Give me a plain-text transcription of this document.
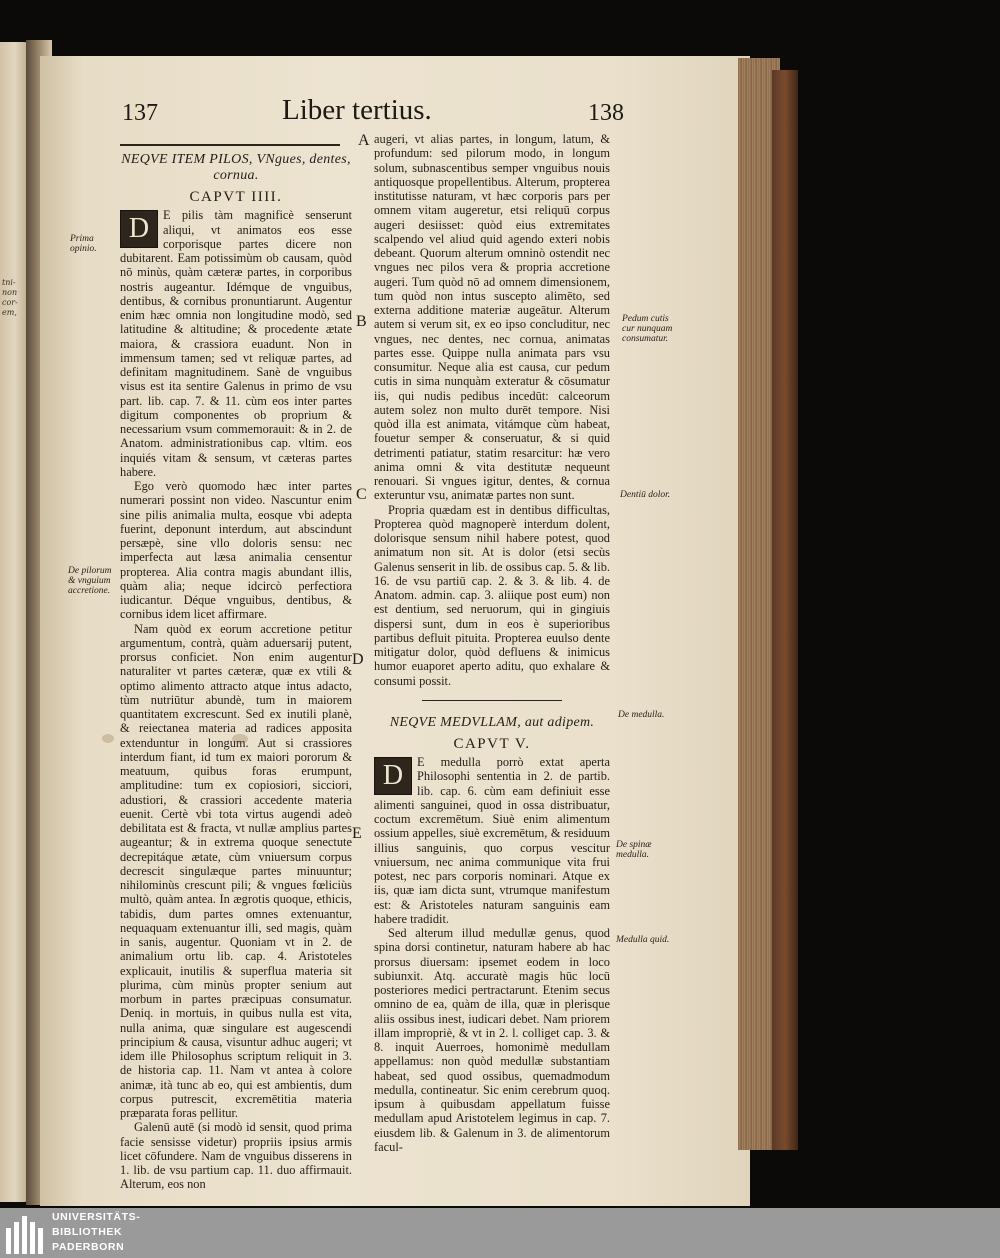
tni-
non
cor-
em,
137	Liber tertius.	138
NEQVE ITEM PILOS, VNgues, dentes, cornua.
CAPVT IIII.
D	E pilis tàm magnificè senserunt aliqui, vt animatos eos esse corporisque partes dicere non dubitarent. Eam potissimùm ob causam, quòd nō minùs, quàm cæteræ partes, in corporibus nostris augeantur. Idémque de vnguibus, dentibus, & cornibus pronuntiarunt. Augentur enim hæc omnia non longitudine modò, sed latitudine & altitudine; & procedente ætate maiora, & crassiora euadunt. Non in immensum tamen; sed vt reliquæ partes, ad definitam magnitudinem. Sanè de vnguibus visus est ita sentire Galenus in primo de vsu part. lib. cap. 7. & 11. cùm eos inter partes digitum componentes ob proprium & necessarium vsum commemorauit: & in 2. de Anatom. administrationibus cap. vltim. eos inquiés vitam & sensum, vt cæteras partes habere.

Ego verò quomodo hæc inter partes numerari possint non video. Nascuntur enim sine pilis animalia multa, eosque vbi adepta fuerint, deponunt interdum, aut abscindunt persæpè, sine vllo doloris sensu: nec imperfecta aut læsa animalia censentur propterea. Alia contra magis abundant illis, quàm alia; neque idcircò perfectiora iudicantur. Déque vnguibus, dentibus, & cornibus idem licet affirmare.

Nam quòd ex eorum accretione petitur argumentum, contrà, quàm aduersarij putent, prorsus conficiet. Non enim augentur naturaliter vt partes cæteræ, quæ ex vtili & optimo alimento attracto atque intus adacto, tùm nutriūtur abundè, tum in maiorem quantitatem excrescunt. Sed ex inutili planè, & reiectanea materia ad radices apposita extenduntur in longum. Aut si crassiores interdum fiant, id tum ex maiori pororum & meatuum, quibus foras erumpunt, amplitudine: tum ex copiosiori, sicciori, adustiori, & crassiori accedente materia euenit. Certè vbi tota virtus augendi adeò debilitata est & fracta, vt nullæ amplius partes augeantur; & in extrema quoque senectute decrepitáque ætate, cùm vniuersum corpus decrescit singulæque partes minuuntur; nihilominùs crescunt pili; & vngues fœliciùs multò, quàm antea. In ægrotis quoque, ethicis, tabidis, dum partes omnes extenuantur, nequaquam extenuantur illi, sed magis, quàm in sanis, augentur. Quoniam vt in 2. de animalium ortu lib. cap. 4. Aristoteles explicauit, inutilis & superflua materia sit plurima, cùm minùs propter senium aut morbum in partes præcipuas consumatur. Deniq. in mortuis, in quibus nulla est vita, nulla anima, quæ singulare est augescendi principium & causa, visuntur adhuc augeri; vt idem ille Philosophus scriptum reliquit in 3. de historia cap. 11. Nam vt antea à colore animæ, ità tunc ab eo, qui est ambientis, dum corpus putrescit, excremētitia materia præparata foras pellitur.

Galenū autē (si modò id sensit, quod prima facie sensisse videtur) propriis ipsius armis licet cōfundere. Nam de vnguibus disserens in 1. lib. de vsu partium cap. 11. duo affirmauit. Alterum, eos non

augeri, vt alias partes, in longum, latum, & profundum: sed pilorum modo, in longum solum, subnascentibus semper vnguibus nouis antiquosque propellentibus. Alterum, propterea institutisse naturam, vt hæc corporis pars per omnem vitam augeretur, etsi reliquū corpus augeri desiisset: quòd eius extremitates scalpendo vel aliud quid agendo exteri nobis debeant. Quorum alterum omninò ostendit nec vngues nec pilos vera & propria accretione augeri. Tum quòd nō ad omnem dimensionem, tum quòd non intus suscepto alimēto, sed externa additione materiæ augeātur. Alterum autem si verum sit, ex eo ipso concluditur, nec vngues, nec dentes, nec cornua, animatas partes esse. Quippe nulla animata pars vsu consumitur. Neque alia est causa, cur pedum cutis in sima nunquàm exteratur & cōsumatur iis, qui nudis pedibus incedūt: calceorum autem solez non multo durēt tempore. Nisi quòd illa est animata, vitámque cùm habeat, fouetur semper & conseruatur, & si quid detrimenti patiatur, statim resarcitur: hæ vero anima omni & vita destitutæ nequeunt renouari. Si vngues igitur, dentes, & cornua exteruntur vsu, animatæ partes non sunt.

Propria quædam est in dentibus difficultas, Propterea quòd magnoperè interdum dolent, dolorisque sensum nihil habere potest, quod animatum non sit. At is dolor (etsi secùs Galenus senserit in lib. de ossibus cap. 5. & lib. 16. de vsu partiū cap. 2. & 3. & lib. 4. de Anatom. admin. cap. 3. aliique post eum) non est dentium, sed neruorum, qui in gingiuis dispersi sunt, dum in eos è superioribus partibus defluit pituita. Propterea euulso dente mitigatur dolor, quòd defluens & inimicus humor euaporet aperto aditu, quo exhalare & consumi possit.

NEQVE MEDVLLAM, aut adipem.
CAPVT V.
D	E medulla porrò extat aperta Philosophi sententia in 2. de partib. lib. cap. 6. cùm eam definiuit esse alimenti sanguinei, quod in ossa distribuatur, coctum excremētum. Siuè enim alimentum ossium appelles, siuè excremētum, & residuum illius sanguinis, quo corpus vescitur vniuersum, nec anima communique vita frui potest, nec pars corporis nominari. Atque ex iis, quæ iam dicta sunt, vtrumque manifestum est: & Aristoteles naturam sanguinis eam habere tradidit.

Sed alterum illud medullæ genus, quod spina dorsi continetur, naturam habere ab hac prorsus diuersam: ipsemet eodem in loco subiunxit. Atq. accuratè magis hūc locū posteriores medici pertractarunt. Etenim secus omnino de ea, quàm de illa, quæ in plerisque aliis ossibus inest, iudicari debet. Nam priorem illam impropriè, & vt in 2. l. colliget cap. 3. & 8. inquit Auerroes, homonimè medullam appellamus: non quòd medullæ substantiam habeat, sed quod ossibus, quemadmodum medulla, contineatur. Sic enim cerebrum quoq. ipsum à quibusdam appellatum fuisse medullam apud Aristotelem legimus in cap. 7. eiusdem lib. & Galenum in 3. de alimentorum facul-

Prima opinio.
De pilorum & vnguium accretione.
Pedum cutis cur nunquam consumatur.
Dentiū dolor.
De medulla.
De spinæ medulla.
Medulla quid.
A
B
C
D
E
UNIVERSITÄTS-
BIBLIOTHEK
PADERBORN
